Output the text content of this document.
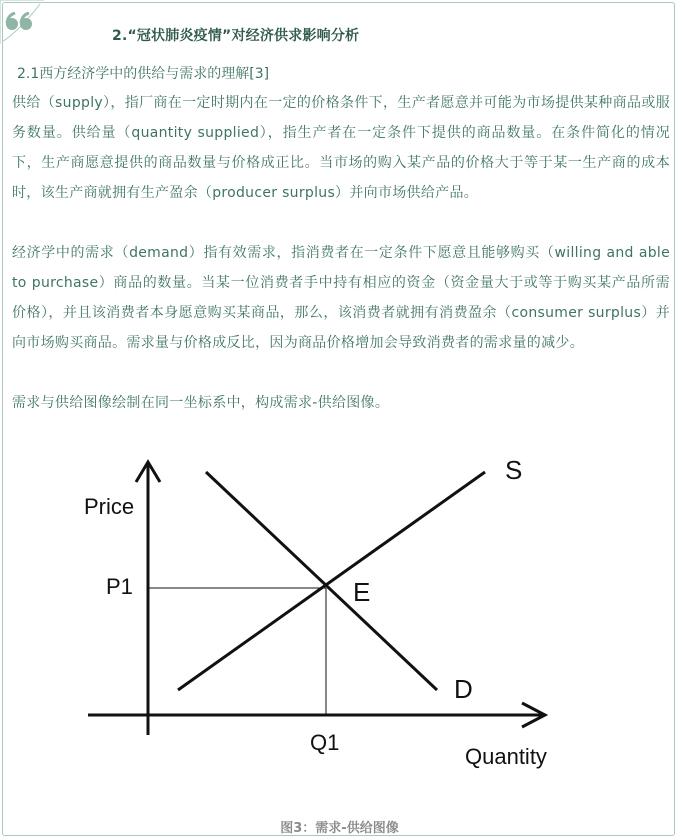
2.“冠状肺炎疫情”对经济供求影响分析
2.1西方经济学中的供给与需求的理解[3]
供给（supply），指厂商在一定时期内在一定的价格条件下，生产者愿意并可能为市场提供某种商品或服务数量。供给量（quantity supplied），指生产者在一定条件下提供的商品数量。在条件简化的情况下，生产商愿意提供的商品数量与价格成正比。当市场的购入某产品的价格大于等于某一生产商的成本时，该生产商就拥有生产盈余（producer surplus）并向市场供给产品。
经济学中的需求（demand）指有效需求，指消费者在一定条件下愿意且能够购买（willing and able to purchase）商品的数量。当某一位消费者手中持有相应的资金（资金量大于或等于购买某产品所需价格），并且该消费者本身愿意购买某商品，那么，该消费者就拥有消费盈余（consumer surplus）并向市场购买商品。需求量与价格成反比，因为商品价格增加会导致消费者的需求量的减少。
需求与供给图像绘制在同一坐标系中，构成需求-供给图像。
Price
P1	E
S
D
Q1
Quantity
图3：需求-供给图像
